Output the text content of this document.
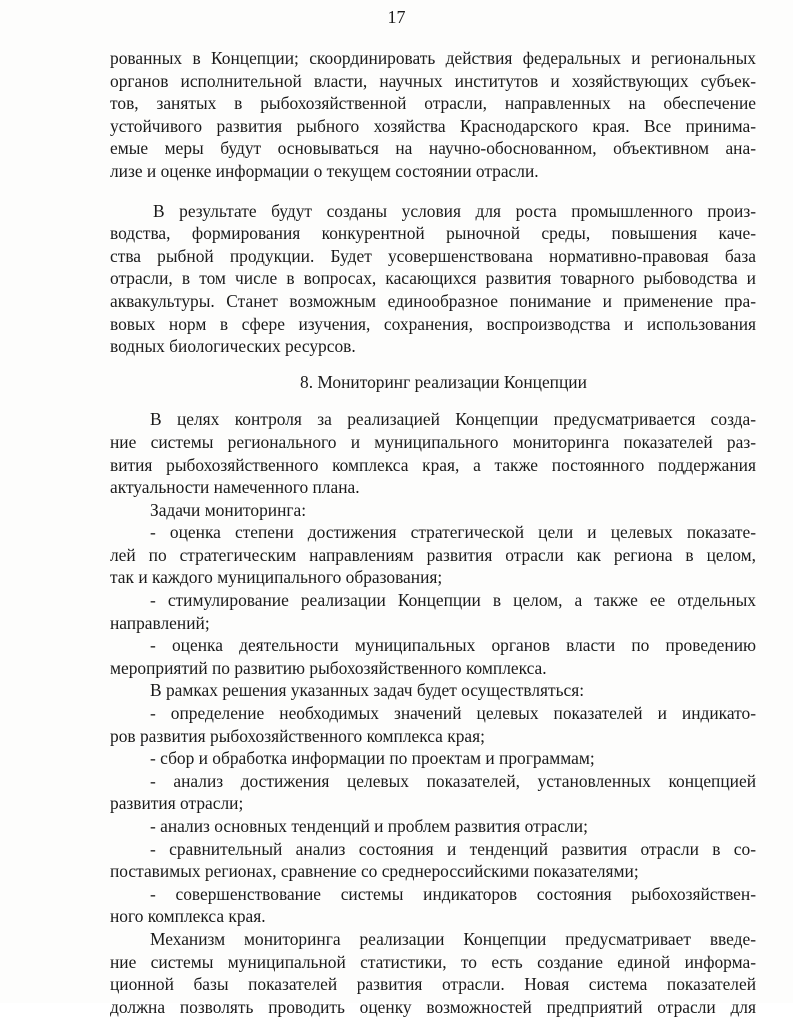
17
рованных в Концепции; скоординировать действия федеральных и региональных
органов исполнительной власти, научных институтов и хозяйствующих субъек-
тов, занятых в рыбохозяйственной отрасли, направленных на обеспечение
устойчивого развития рыбного хозяйства Краснодарского края. Все принима-
емые меры будут основываться на научно-обоснованном, объективном ана-
лизе и оценке информации о текущем состоянии отрасли.
В результате будут созданы условия для роста промышленного произ-
водства, формирования конкурентной рыночной среды, повышения каче-
ства рыбной продукции. Будет усовершенствована нормативно-правовая база
отрасли, в том числе в вопросах, касающихся развития товарного рыбоводства и
аквакультуры. Станет возможным единообразное понимание и применение пра-
вовых норм в сфере изучения, сохранения, воспроизводства и использования
водных биологических ресурсов.
8. Мониторинг реализации Концепции
В целях контроля за реализацией Концепции предусматривается созда-
ние системы регионального и муниципального мониторинга показателей раз-
вития рыбохозяйственного комплекса края, а также постоянного поддержания
актуальности намеченного плана.
Задачи мониторинга:
- оценка степени достижения стратегической цели и целевых показате-
лей по стратегическим направлениям развития отрасли как региона в целом,
так и каждого муниципального образования;
- стимулирование реализации Концепции в целом, а также ее отдельных
направлений;
- оценка деятельности муниципальных органов власти по проведению
мероприятий по развитию рыбохозяйственного комплекса.
В рамках решения указанных задач будет осуществляться:
- определение необходимых значений целевых показателей и индикато-
ров развития рыбохозяйственного комплекса края;
- сбор и обработка информации по проектам и программам;
- анализ достижения целевых показателей, установленных концепцией
развития отрасли;
- анализ основных тенденций и проблем развития отрасли;
- сравнительный анализ состояния и тенденций развития отрасли в со-
поставимых регионах, сравнение со среднероссийскими показателями;
- совершенствование системы индикаторов состояния рыбохозяйствен-
ного комплекса края.
Механизм мониторинга реализации Концепции предусматривает введе-
ние системы муниципальной статистики, то есть создание единой информа-
ционной базы показателей развития отрасли. Новая система показателей
должна позволять проводить оценку возможностей предприятий отрасли для
